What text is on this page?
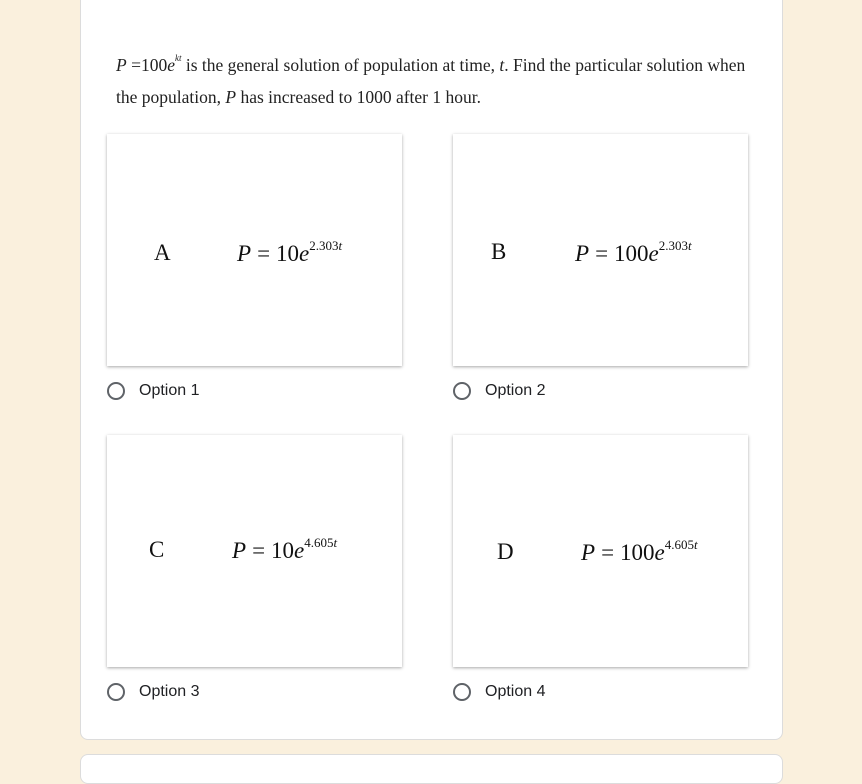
$P =100e^{kt}$ is the general solution of population at time, t. Find the particular solution when the population, P has increased to 1000 after 1 hour.
A	$P = 10e^{2.303t}$
Option 1
B	$P = 100e^{2.303t}$
Option 2
C	$P = 10e^{4.605t}$
Option 3
D	$P = 100e^{4.605t}$
Option 4
